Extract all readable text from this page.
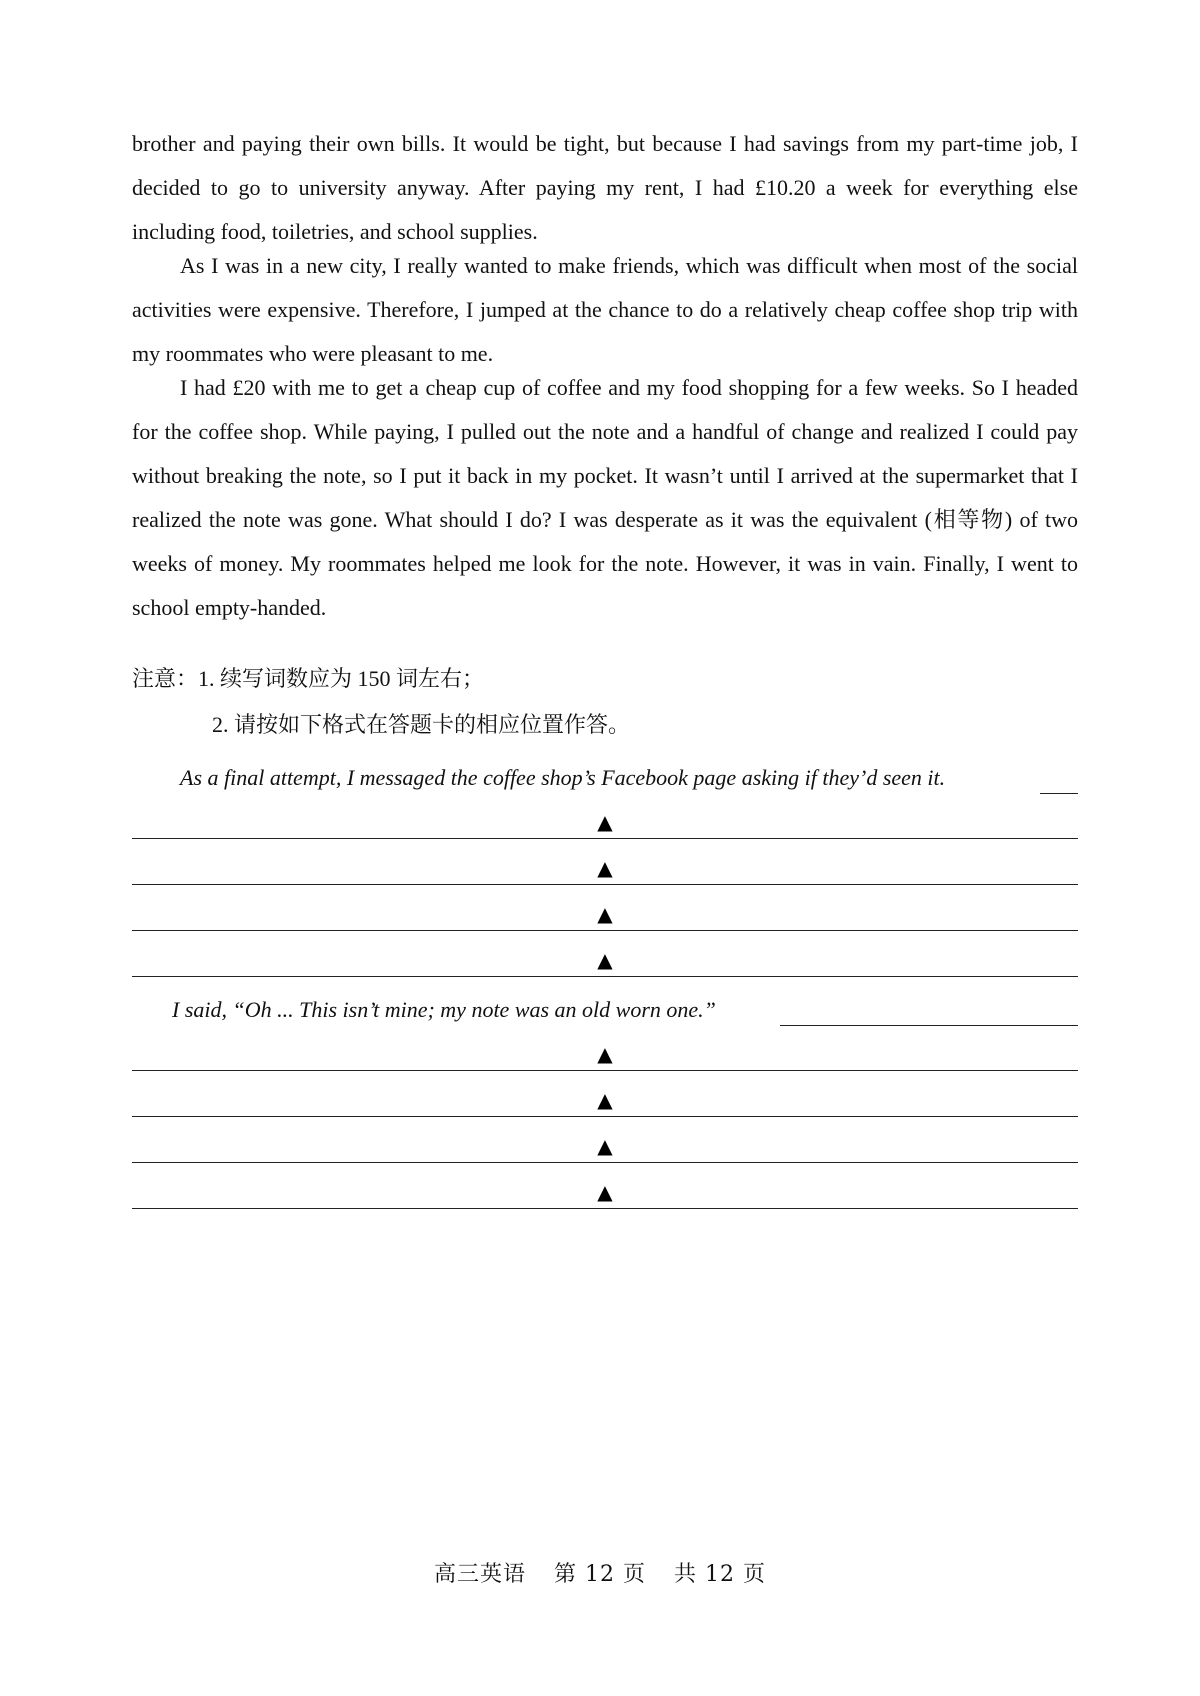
brother and paying their own bills. It would be tight, but because I had savings from my part-time job, I decided to go to university anyway. After paying my rent, I had £10.20 a week for everything else including food, toiletries, and school supplies.

As I was in a new city, I really wanted to make friends, which was difficult when most of the social activities were expensive. Therefore, I jumped at the chance to do a relatively cheap coffee shop trip with my roommates who were pleasant to me.

I had £20 with me to get a cheap cup of coffee and my food shopping for a few weeks. So I headed for the coffee shop. While paying, I pulled out the note and a handful of change and realized I could pay without breaking the note, so I put it back in my pocket. It wasn’t until I arrived at the supermarket that I realized the note was gone. What should I do? I was desperate as it was the equivalent (相等物) of two weeks of money. My roommates helped me look for the note. However, it was in vain. Finally, I went to school empty-handed.

注意：1. 续写词数应为 150 词左右；

2. 请按如下格式在答题卡的相应位置作答。

As a final attempt, I messaged the coffee shop’s Facebook page asking if they’d seen it.

▲
▲
▲
▲

I said, “Oh ... This isn’t mine; my note was an old worn one.”

▲
▲
▲
▲
高三英语 第 12 页 共 12 页
